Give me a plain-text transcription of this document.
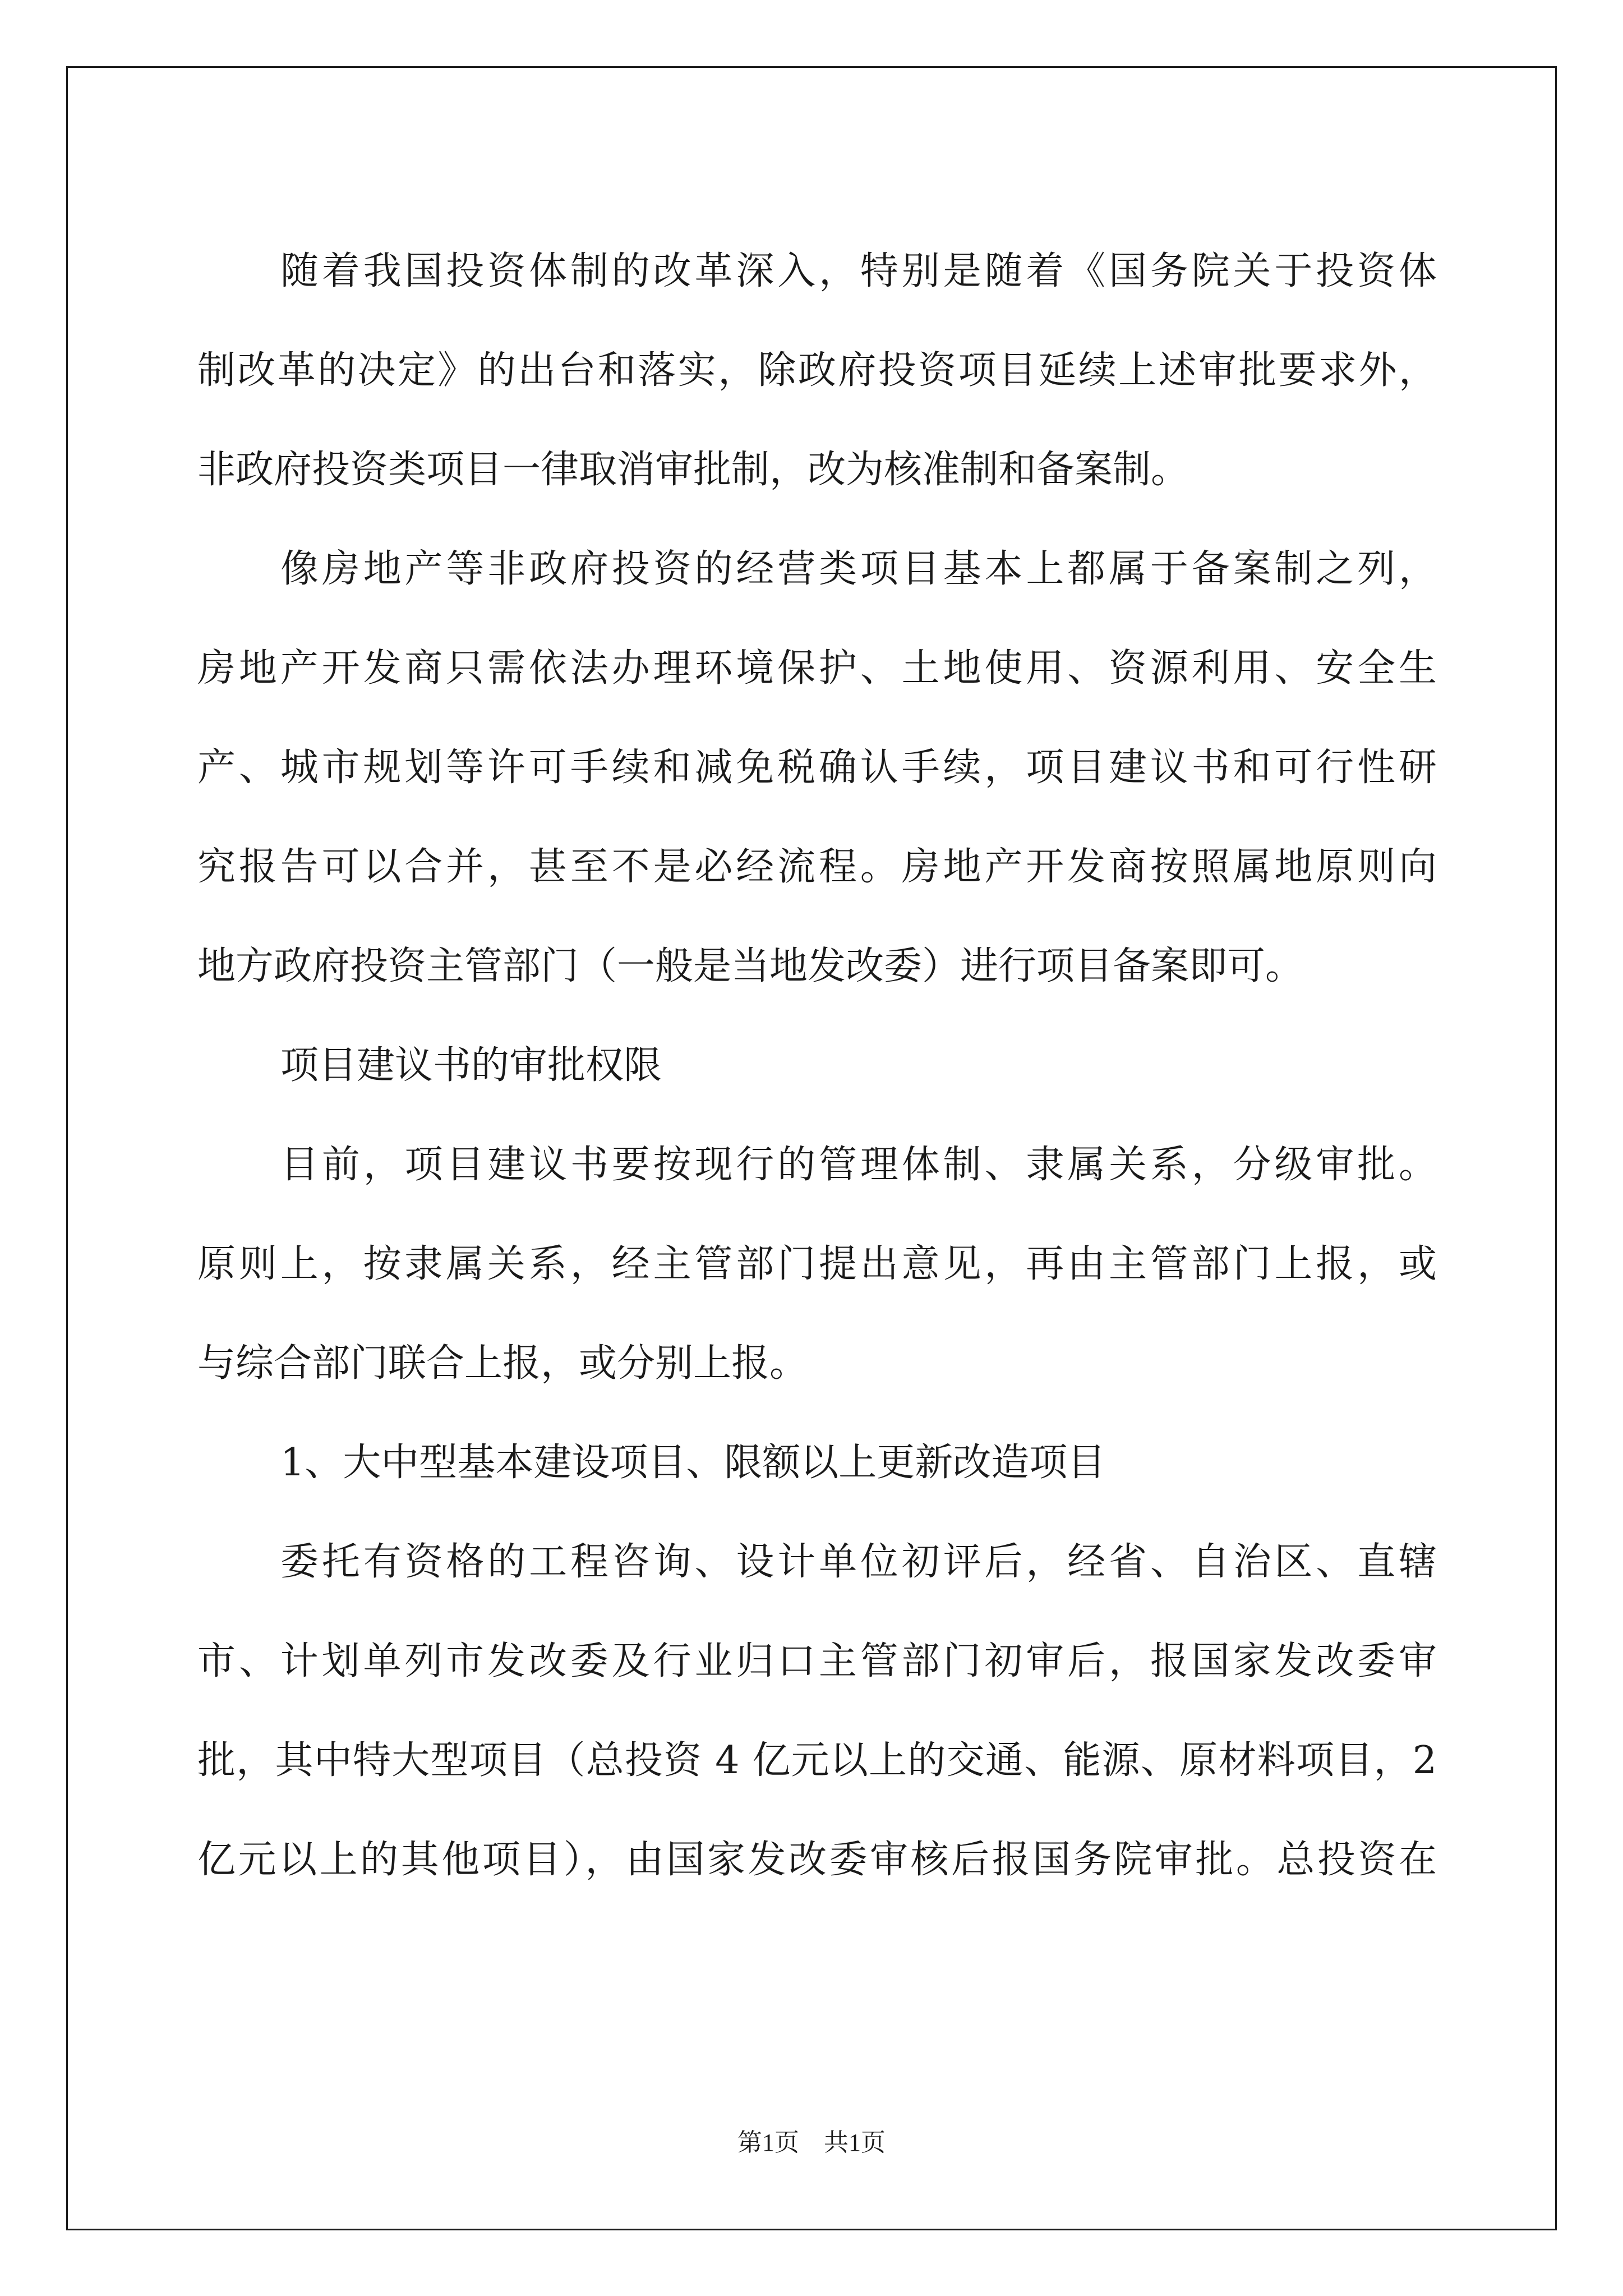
随着我国投资体制的改革深入，特别是随着《国务院关于投资体
制改革的决定》的出台和落实，除政府投资项目延续上述审批要求外，
非政府投资类项目一律取消审批制，改为核准制和备案制。
像房地产等非政府投资的经营类项目基本上都属于备案制之列，
房地产开发商只需依法办理环境保护、土地使用、资源利用、安全生
产、城市规划等许可手续和减免税确认手续，项目建议书和可行性研
究报告可以合并，甚至不是必经流程。房地产开发商按照属地原则向
地方政府投资主管部门（一般是当地发改委）进行项目备案即可。
项目建议书的审批权限
目前，项目建议书要按现行的管理体制、隶属关系，分级审批。
原则上，按隶属关系，经主管部门提出意见，再由主管部门上报，或
与综合部门联合上报，或分别上报。
1、大中型基本建设项目、限额以上更新改造项目
委托有资格的工程咨询、设计单位初评后，经省、自治区、直辖
市、计划单列市发改委及行业归口主管部门初审后，报国家发改委审
批，其中特大型项目（总投资 4 亿元以上的交通、能源、原材料项目，2
亿元以上的其他项目），由国家发改委审核后报国务院审批。总投资在
第1页　共1页
